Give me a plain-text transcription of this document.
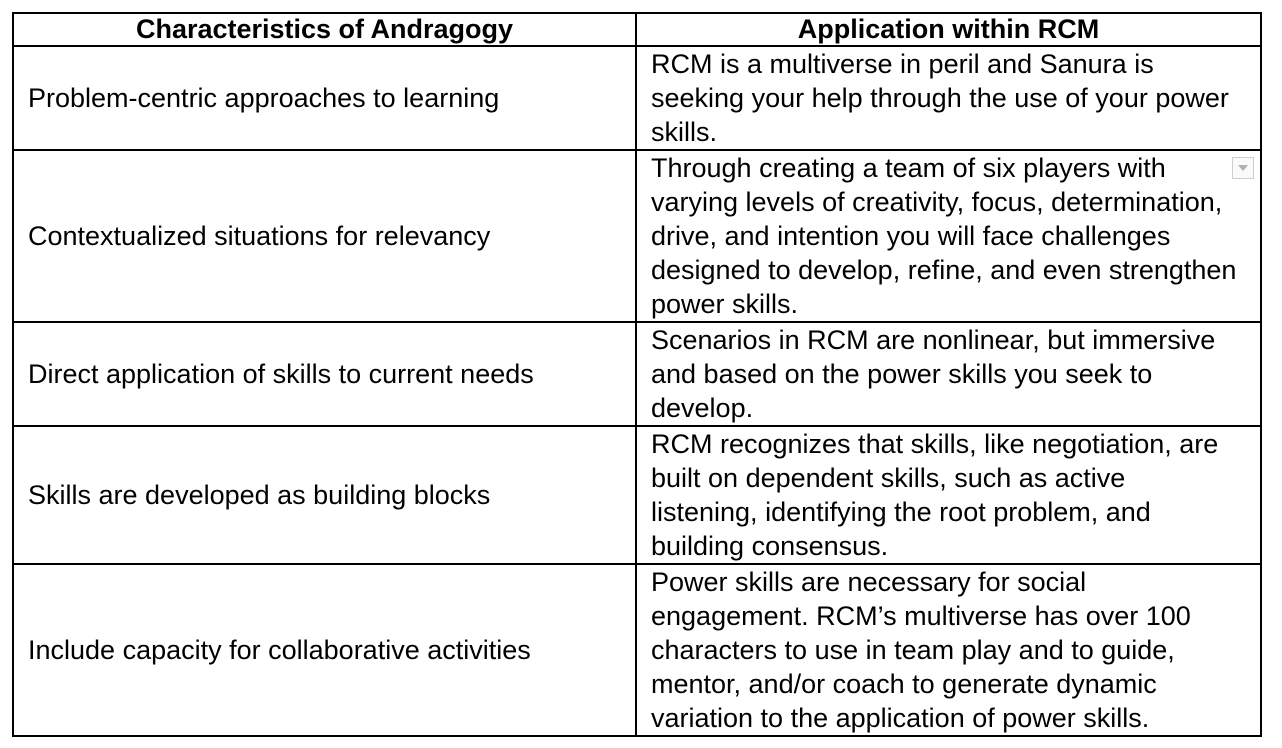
Characteristics of Andragogy	Application within RCM
Problem-centric approaches to learning	RCM is a multiverse in peril and Sanura is seeking your help through the use of your power skills.
Contextualized situations for relevancy	Through creating a team of six players with varying levels of creativity, focus, determination, drive, and intention you will face challenges designed to develop, refine, and even strengthen power skills.

Direct application of skills to current needs	Scenarios in RCM are nonlinear, but immersive and based on the power skills you seek to develop.
Skills are developed as building blocks	RCM recognizes that skills, like negotiation, are built on dependent skills, such as active listening, identifying the root problem, and building consensus.
Include capacity for collaborative activities	Power skills are necessary for social engagement. RCM’s multiverse has over 100 characters to use in team play and to guide, mentor, and/or coach to generate dynamic variation to the application of power skills.
